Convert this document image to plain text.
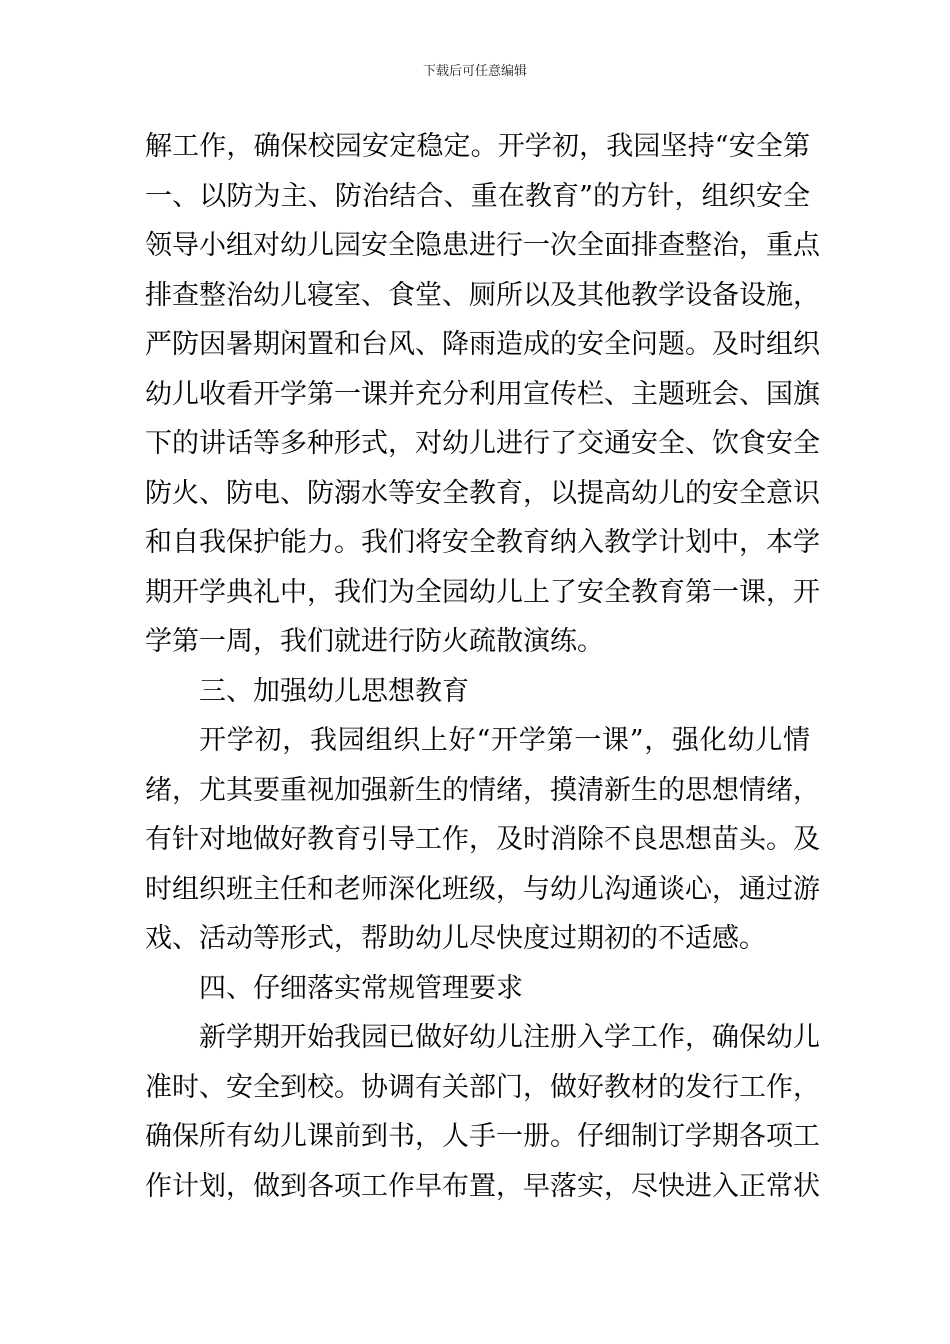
下载后可任意编辑
解工作，确保校园安定稳定。开学初，我园坚持“安全第
一、以防为主、防治结合、重在教育”的方针，组织安全
领导小组对幼儿园安全隐患进行一次全面排查整治，重点
排查整治幼儿寝室、食堂、厕所以及其他教学设备设施，
严防因暑期闲置和台风、降雨造成的安全问题。及时组织
幼儿收看开学第一课并充分利用宣传栏、主题班会、国旗
下的讲话等多种形式，对幼儿进行了交通安全、饮食安全
防火、防电、防溺水等安全教育，以提高幼儿的安全意识
和自我保护能力。我们将安全教育纳入教学计划中，本学
期开学典礼中，我们为全园幼儿上了安全教育第一课，开
学第一周，我们就进行防火疏散演练。
三、加强幼儿思想教育
开学初，我园组织上好“开学第一课”，强化幼儿情
绪，尤其要重视加强新生的情绪，摸清新生的思想情绪，
有针对地做好教育引导工作，及时消除不良思想苗头。及
时组织班主任和老师深化班级，与幼儿沟通谈心，通过游
戏、活动等形式，帮助幼儿尽快度过期初的不适感。
四、仔细落实常规管理要求
新学期开始我园已做好幼儿注册入学工作，确保幼儿
准时、安全到校。协调有关部门，做好教材的发行工作，
确保所有幼儿课前到书，人手一册。仔细制订学期各项工
作计划，做到各项工作早布置，早落实，尽快进入正常状
